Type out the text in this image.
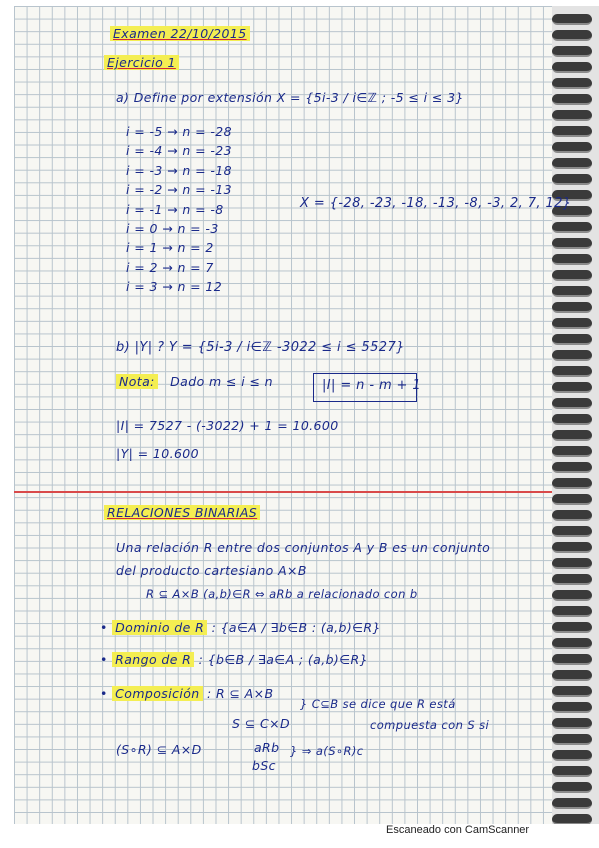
Examen 22/10/2015
Ejercicio 1
a) Define por extensión X = {5i-3 / i∈ℤ ; -5 ≤ i ≤ 3}
i = -5 → n = -28
i = -4 → n = -23
i = -3 → n = -18
i = -2 → n = -13
i = -1 → n = -8
i = 0 → n = -3
i = 1 → n = 2
i = 2 → n = 7
i = 3 → n = 12
X = {-28, -23, -18, -13, -8, -3, 2, 7, 12}
b) |Y| ? Y = {5i-3 / i∈ℤ -3022 ≤ i ≤ 5527}
Nota: Dado m ≤ i ≤ n	|I| = n - m + 1
|I| = 7527 - (-3022) + 1 = 10.600
|Y| = 10.600
RELACIONES BINARIAS
Una relación R entre dos conjuntos A y B es un conjunto
del producto cartesiano A×B
R ⊆ A×B (a,b)∈R ⇔ aRb a relacionado con b
• Dominio de R : {a∈A / ∃b∈B : (a,b)∈R}
• Rango de R : {b∈B / ∃a∈A ; (a,b)∈R}
• Composición : R ⊆ A×B
S ⊆ C×D
} C⊆B se dice que R está
compuesta con S si
(S∘R) ⊆ A×D	aRb
bSc
} ⇒ a(S∘R)c
Escaneado con CamScanner
